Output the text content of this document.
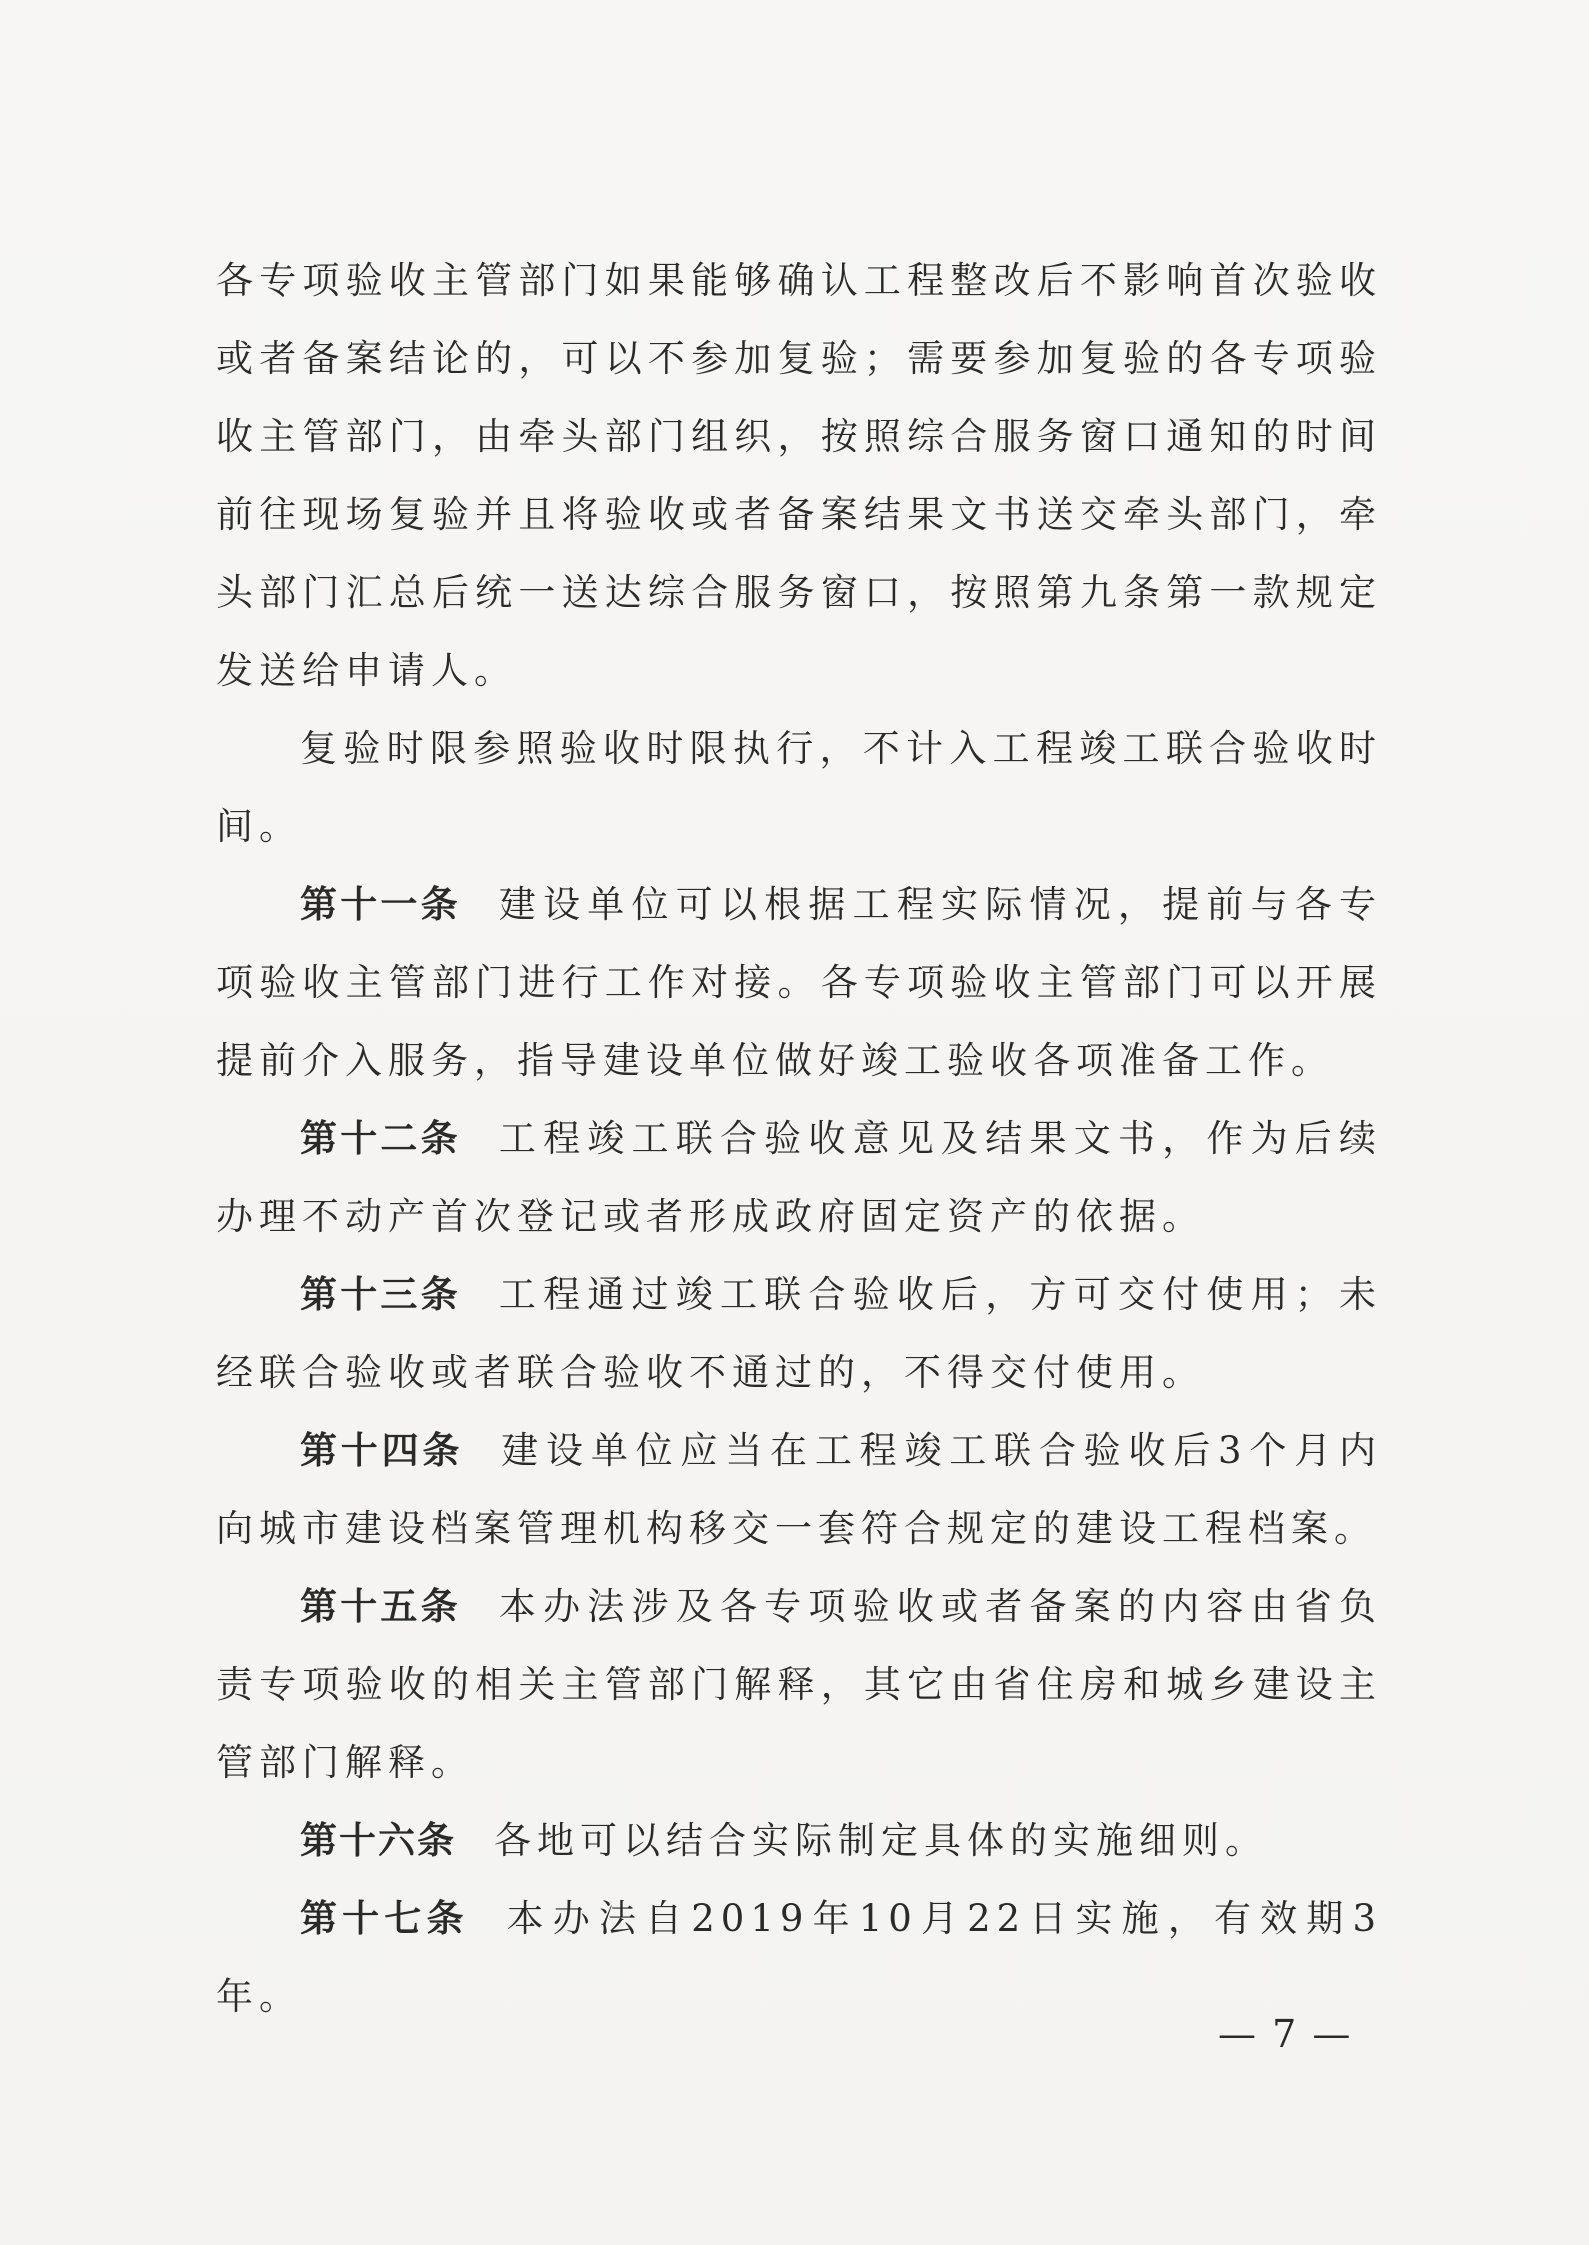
各专项验收主管部门如果能够确认工程整改后不影响首次验收或者备案结论的，可以不参加复验；需要参加复验的各专项验收主管部门，由牵头部门组织，按照综合服务窗口通知的时间前往现场复验并且将验收或者备案结果文书送交牵头部门，牵头部门汇总后统一送达综合服务窗口，按照第九条第一款规定发送给申请人。

复验时限参照验收时限执行，不计入工程竣工联合验收时间。

第十一条 建设单位可以根据工程实际情况，提前与各专项验收主管部门进行工作对接。各专项验收主管部门可以开展提前介入服务，指导建设单位做好竣工验收各项准备工作。

第十二条 工程竣工联合验收意见及结果文书，作为后续办理不动产首次登记或者形成政府固定资产的依据。

第十三条 工程通过竣工联合验收后，方可交付使用；未经联合验收或者联合验收不通过的，不得交付使用。

第十四条 建设单位应当在工程竣工联合验收后3个月内向城市建设档案管理机构移交一套符合规定的建设工程档案。

第十五条 本办法涉及各专项验收或者备案的内容由省负责专项验收的相关主管部门解释，其它由省住房和城乡建设主管部门解释。

第十六条 各地可以结合实际制定具体的实施细则。

第十七条 本办法自2019年10月22日实施，有效期3年。

— 7 —
